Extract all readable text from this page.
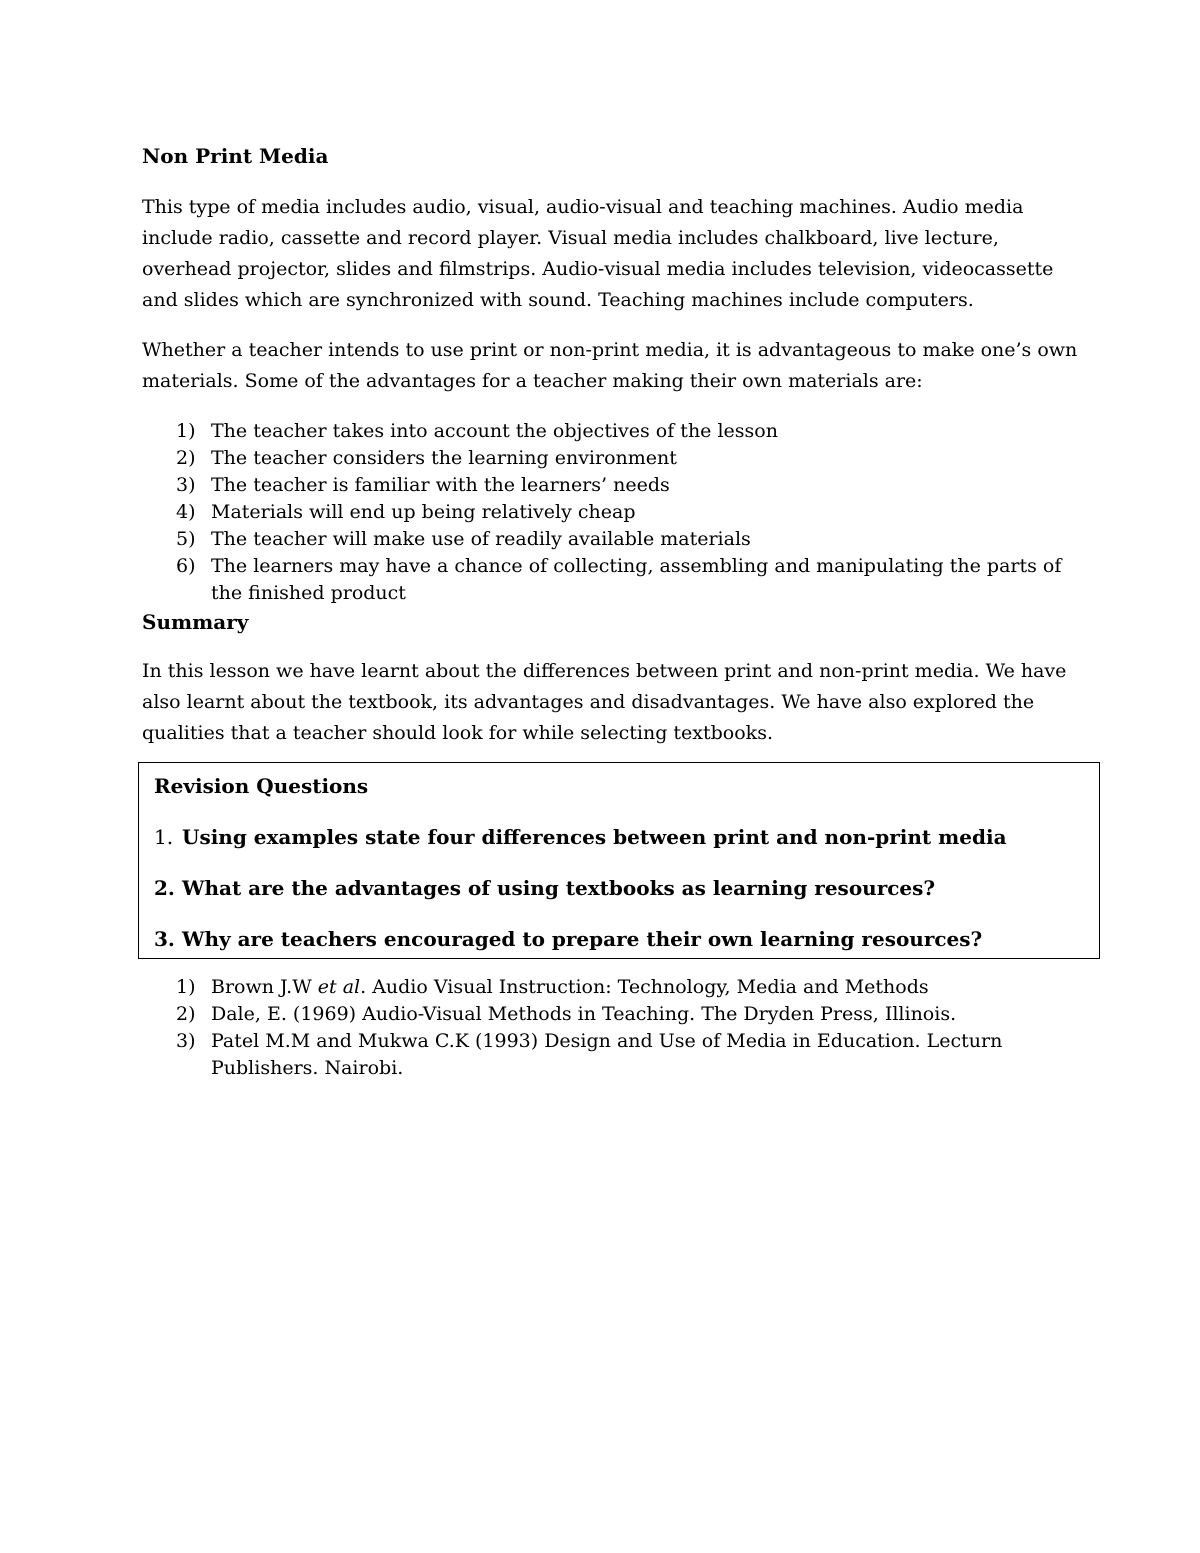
Non Print Media
This type of media includes audio, visual, audio-visual and teaching machines. Audio media
include radio, cassette and record player. Visual media includes chalkboard, live lecture,
overhead projector, slides and filmstrips. Audio-visual media includes television, videocassette
and slides which are synchronized with sound. Teaching machines include computers.
Whether a teacher intends to use print or non-print media, it is advantageous to make one’s own
materials. Some of the advantages for a teacher making their own materials are:
1) The teacher takes into account the objectives of the lesson
2) The teacher considers the learning environment
3) The teacher is familiar with the learners’ needs
4) Materials will end up being relatively cheap
5) The teacher will make use of readily available materials
6) The learners may have a chance of collecting, assembling and manipulating the parts of
the finished product
Summary
In this lesson we have learnt about the differences between print and non-print media. We have
also learnt about the textbook, its advantages and disadvantages. We have also explored the
qualities that a teacher should look for while selecting textbooks.
1) Brown J.W et al. Audio Visual Instruction: Technology, Media and Methods
2) Dale, E. (1969) Audio-Visual Methods in Teaching. The Dryden Press, Illinois.
3) Patel M.M and Mukwa C.K (1993) Design and Use of Media in Education. Lecturn
Publishers. Nairobi.
Revision Questions
1. Using examples state four differences between print and non-print media
2. What are the advantages of using textbooks as learning resources?
3. Why are teachers encouraged to prepare their own learning resources?
